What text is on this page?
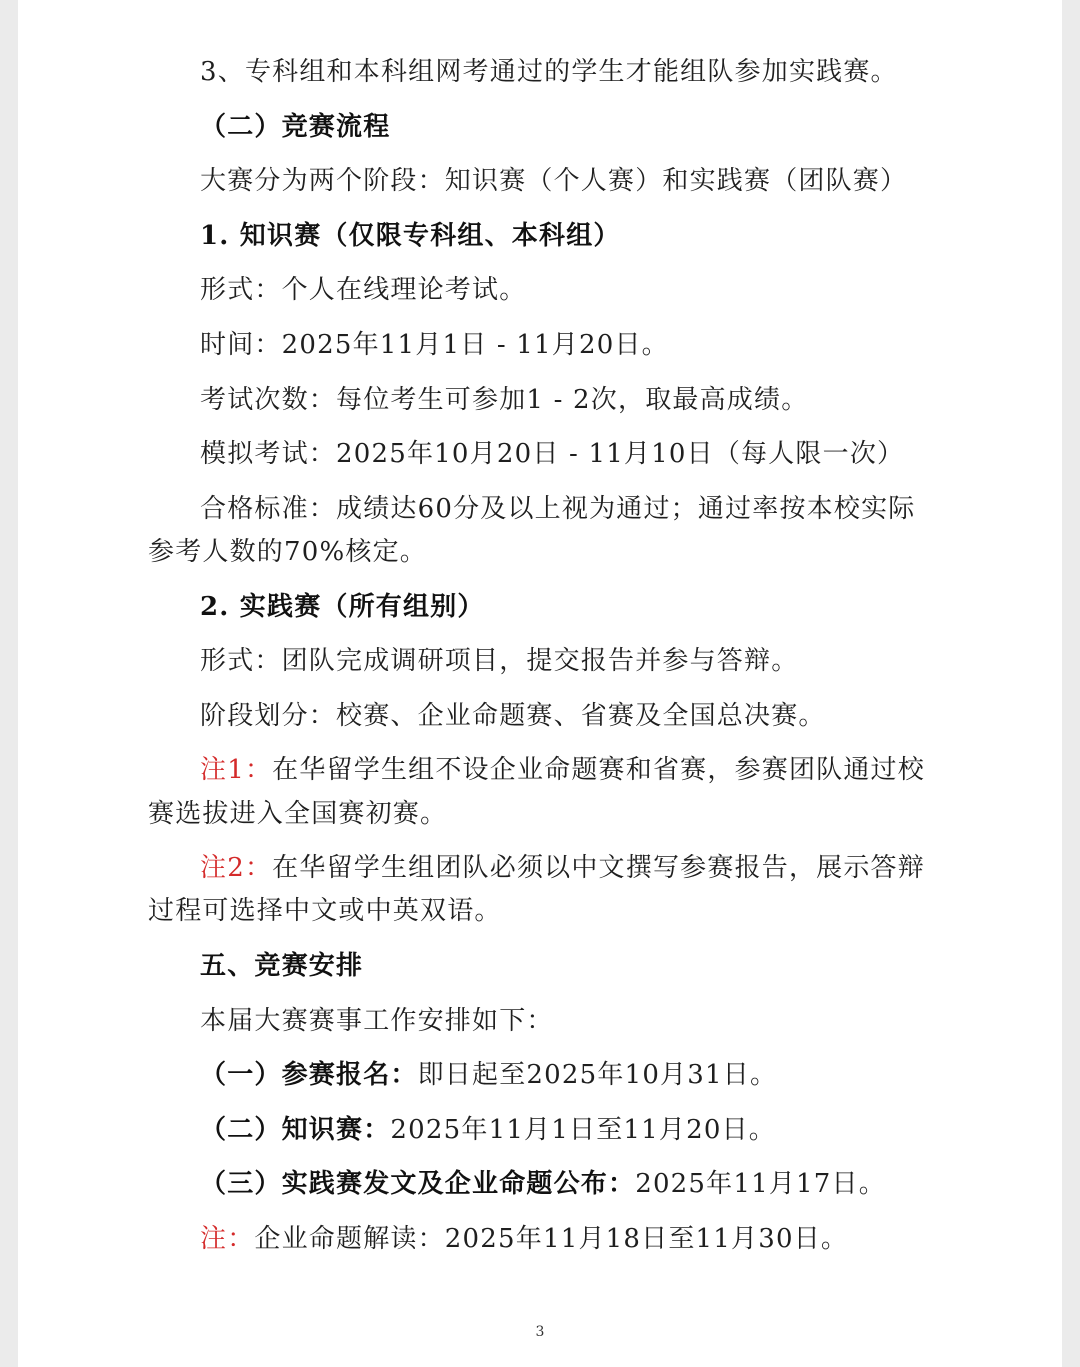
3、专科组和本科组网考通过的学生才能组队参加实践赛。

（二）竞赛流程

大赛分为两个阶段：知识赛（个人赛）和实践赛（团队赛）

1. 知识赛（仅限专科组、本科组）

形式：个人在线理论考试。

时间：2025年11月1日 - 11月20日。

考试次数：每位考生可参加1 - 2次，取最高成绩。

模拟考试：2025年10月20日 - 11月10日（每人限一次）

合格标准：成绩达60分及以上视为通过；通过率按本校实际
参考人数的70%核定。

2. 实践赛（所有组别）

形式：团队完成调研项目，提交报告并参与答辩。

阶段划分：校赛、企业命题赛、省赛及全国总决赛。

注1：在华留学生组不设企业命题赛和省赛，参赛团队通过校
赛选拔进入全国赛初赛。

注2：在华留学生组团队必须以中文撰写参赛报告，展示答辩
过程可选择中文或中英双语。

五、竞赛安排

本届大赛赛事工作安排如下：

（一）参赛报名：即日起至2025年10月31日。

（二）知识赛：2025年11月1日至11月20日。

（三）实践赛发文及企业命题公布：2025年11月17日。

注：企业命题解读：2025年11月18日至11月30日。

3
